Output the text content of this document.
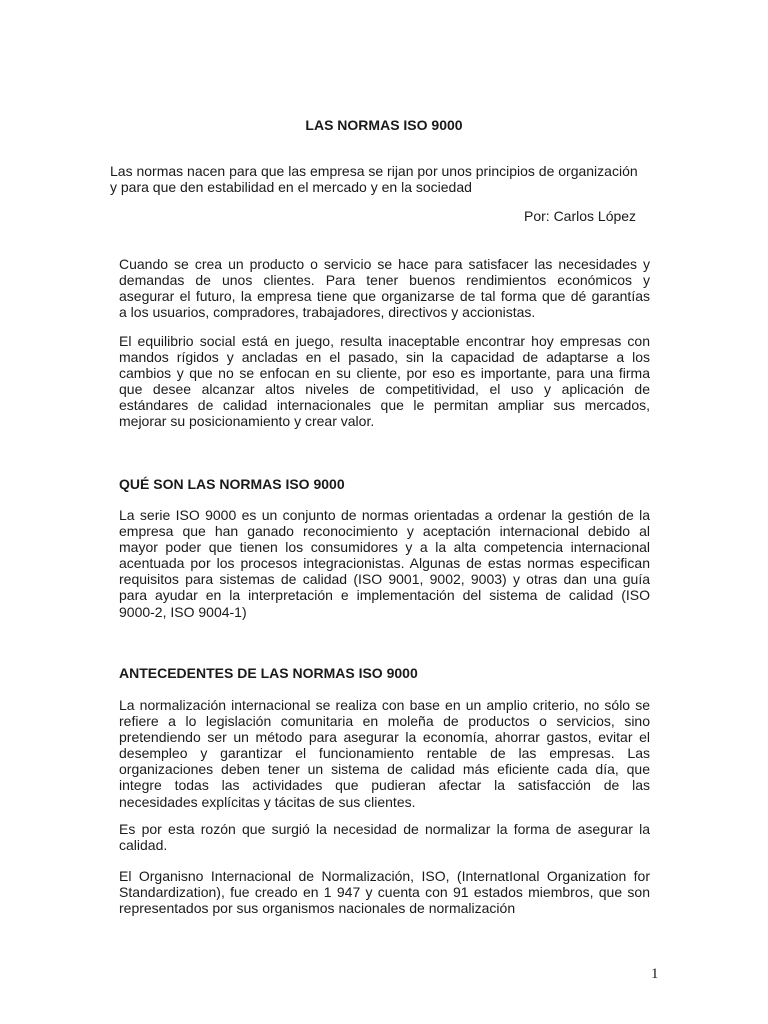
LAS NORMAS ISO 9000

Las normas nacen para que las empresa se rijan por unos principios de organización
y para que den estabilidad en el mercado y en la sociedad

Por: Carlos López

Cuando se crea un producto o servicio se hace para satisfacer las necesidades y
demandas de unos clientes. Para tener buenos rendimientos económicos y
asegurar el futuro, la empresa tiene que organizarse de tal forma que dé garantías
a los usuarios, compradores, trabajadores, directivos y accionistas.

El equilibrio social está en juego, resulta inaceptable encontrar hoy empresas con
mandos rígidos y ancladas en el pasado, sin la capacidad de adaptarse a los
cambios y que no se enfocan en su cliente, por eso es importante, para una firma
que desee alcanzar altos niveles de competitividad, el uso y aplicación de
estándares de calidad internacionales que le permitan ampliar sus mercados,
mejorar su posicionamiento y crear valor.

QUÉ SON LAS NORMAS ISO 9000

La serie ISO 9000 es un conjunto de normas orientadas a ordenar la gestión de la
empresa que han ganado reconocimiento y aceptación internacional debido al
mayor poder que tienen los consumidores y a la alta competencia internacional
acentuada por los procesos integracionistas. Algunas de estas normas especifican
requisitos para sistemas de calidad (ISO 9001, 9002, 9003) y otras dan una guía
para ayudar en la interpretación e implementación del sistema de calidad (ISO
9000-2, ISO 9004-1)

ANTECEDENTES DE LAS NORMAS ISO 9000

La normalización internacional se realiza con base en un amplio criterio, no sólo se
refiere a lo legislación comunitaria en moleña de productos o servicios, sino
pretendiendo ser un método para asegurar la economía, ahorrar gastos, evitar el
desempleo y garantizar el funcionamiento rentable de las empresas. Las
organizaciones deben tener un sistema de calidad más eficiente cada día, que
integre todas las actividades que pudieran afectar la satisfacción de las
necesidades explícitas y tácitas de sus clientes.

Es por esta rozón que surgió la necesidad de normalizar la forma de asegurar la
calidad.

El Organisno Internacional de Normalización, ISO, (InternatIonal Organization for
Standardization), fue creado en 1 947 y cuenta con 91 estados miembros, que son
representados por sus organismos nacionales de normalización

1
